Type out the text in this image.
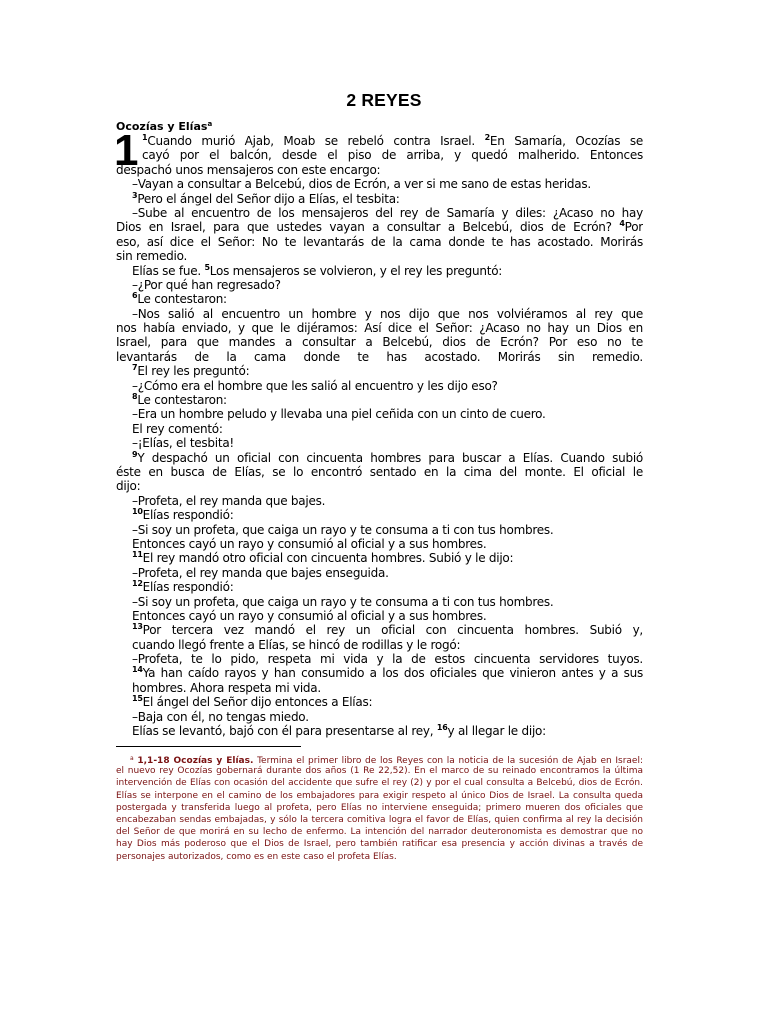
2 REYES
Ocozías y Elías$^a$
1 $^1$Cuando murió Ajab, Moab se rebeló contra Israel. $^2$En Samaría, Ocozías se
cayó por el balcón, desde el piso de arriba, y quedó malherido. Entonces
despachó unos mensajeros con este encargo:
–Vayan a consultar a Belcebú, dios de Ecrón, a ver si me sano de estas heridas.
$^3$Pero el ángel del Señor dijo a Elías, el tesbita:
–Sube al encuentro de los mensajeros del rey de Samaría y diles: ¿Acaso no hay
Dios en Israel, para que ustedes vayan a consultar a Belcebú, dios de Ecrón? $^4$Por
eso, así dice el Señor: No te levantarás de la cama donde te has acostado. Morirás
sin remedio.
Elías se fue. $^5$Los mensajeros se volvieron, y el rey les preguntó:
–¿Por qué han regresado?
$^6$Le contestaron:
–Nos salió al encuentro un hombre y nos dijo que nos volviéramos al rey que
nos había enviado, y que le dijéramos: Así dice el Señor: ¿Acaso no hay un Dios en
Israel, para que mandes a consultar a Belcebú, dios de Ecrón? Por eso no te
levantarás de la cama donde te has acostado. Morirás sin remedio.
$^7$El rey les preguntó:
–¿Cómo era el hombre que les salió al encuentro y les dijo eso?
$^8$Le contestaron:
–Era un hombre peludo y llevaba una piel ceñida con un cinto de cuero.
El rey comentó:
–¡Elías, el tesbita!
$^9$Y despachó un oficial con cincuenta hombres para buscar a Elías. Cuando subió
éste en busca de Elías, se lo encontró sentado en la cima del monte. El oficial le
dijo:
–Profeta, el rey manda que bajes.
$^{10}$Elías respondió:
–Si soy un profeta, que caiga un rayo y te consuma a ti con tus hombres.
Entonces cayó un rayo y consumió al oficial y a sus hombres.
$^{11}$El rey mandó otro oficial con cincuenta hombres. Subió y le dijo:
–Profeta, el rey manda que bajes enseguida.
$^{12}$Elías respondió:
–Si soy un profeta, que caiga un rayo y te consuma a ti con tus hombres.
Entonces cayó un rayo y consumió al oficial y a sus hombres.
$^{13}$Por tercera vez mandó el rey un oficial con cincuenta hombres. Subió y,
cuando llegó frente a Elías, se hincó de rodillas y le rogó:
–Profeta, te lo pido, respeta mi vida y la de estos cincuenta servidores tuyos.
$^{14}$Ya han caído rayos y han consumido a los dos oficiales que vinieron antes y a sus
hombres. Ahora respeta mi vida.
$^{15}$El ángel del Señor dijo entonces a Elías:
–Baja con él, no tengas miedo.
Elías se levantó, bajó con él para presentarse al rey, $^{16}$y al llegar le dijo:
$^a$ 1,1-18 Ocozías y Elías. Termina el primer libro de los Reyes con la noticia de la sucesión de Ajab en Israel:
el nuevo rey Ocozías gobernará durante dos años (1 Re 22,52). En el marco de su reinado encontramos la última
intervención de Elías con ocasión del accidente que sufre el rey (2) y por el cual consulta a Belcebú, dios de Ecrón.
Elías se interpone en el camino de los embajadores para exigir respeto al único Dios de Israel. La consulta queda
postergada y transferida luego al profeta, pero Elías no interviene enseguida; primero mueren dos oficiales que
encabezaban sendas embajadas, y sólo la tercera comitiva logra el favor de Elías, quien confirma al rey la decisión
del Señor de que morirá en su lecho de enfermo. La intención del narrador deuteronomista es demostrar que no
hay Dios más poderoso que el Dios de Israel, pero también ratificar esa presencia y acción divinas a través de
personajes autorizados, como es en este caso el profeta Elías.
